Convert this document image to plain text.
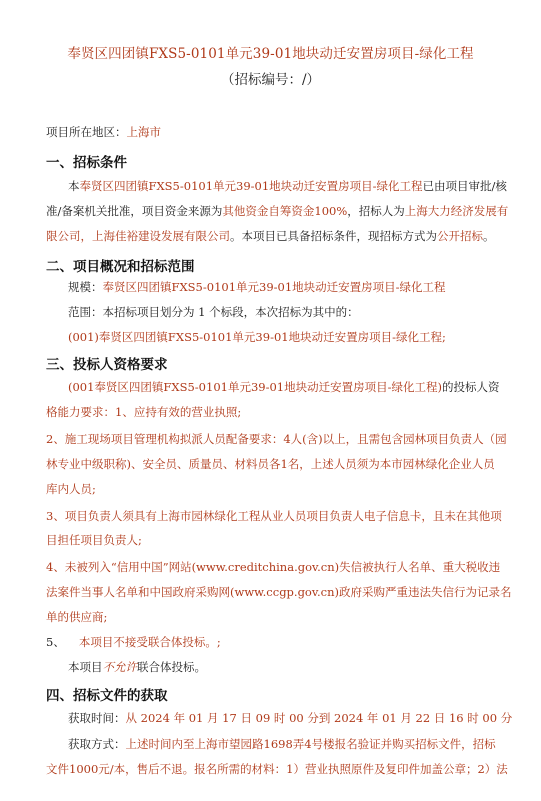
奉贤区四团镇FXS5-0101单元39-01地块动迁安置房项目-绿化工程
（招标编号：/）
项目所在地区：上海市
一、招标条件
本奉贤区四团镇FXS5-0101单元39-01地块动迁安置房项目-绿化工程已由项目审批/核
准/备案机关批准，项目资金来源为其他资金自筹资金100%，招标人为上海大力经济发展有
限公司，上海佳裕建设发展有限公司。本项目已具备招标条件，现招标方式为公开招标。
二、项目概况和招标范围
规模：奉贤区四团镇FXS5-0101单元39-01地块动迁安置房项目-绿化工程
范围：本招标项目划分为 1 个标段，本次招标为其中的：
(001)奉贤区四团镇FXS5-0101单元39-01地块动迁安置房项目-绿化工程;
三、投标人资格要求
(001奉贤区四团镇FXS5-0101单元39-01地块动迁安置房项目-绿化工程)的投标人资
格能力要求：1、应持有效的营业执照;
2、施工现场项目管理机构拟派人员配备要求：4人(含)以上，且需包含园林项目负责人（园
林专业中级职称)、安全员、质量员、材料员各1名，上述人员须为本市园林绿化企业人员
库内人员;
3、项目负责人须具有上海市园林绿化工程从业人员项目负责人电子信息卡，且未在其他项
目担任项目负责人;
4、未被列入“信用中国”网站(www.creditchina.gov.cn)失信被执行人名单、重大税收违
法案件当事人名单和中国政府采购网(www.ccgp.gov.cn)政府采购严重违法失信行为记录名
单的供应商;
5、 本项目不接受联合体投标。;
本项目不允许联合体投标。
四、招标文件的获取
获取时间：从 2024 年 01 月 17 日 09 时 00 分到 2024 年 01 月 22 日 16 时 00 分
获取方式：上述时间内至上海市望园路1698弄4号楼报名验证并购买招标文件，招标
文件1000元/本，售后不退。报名所需的材料：1）营业执照原件及复印件加盖公章；2）法
